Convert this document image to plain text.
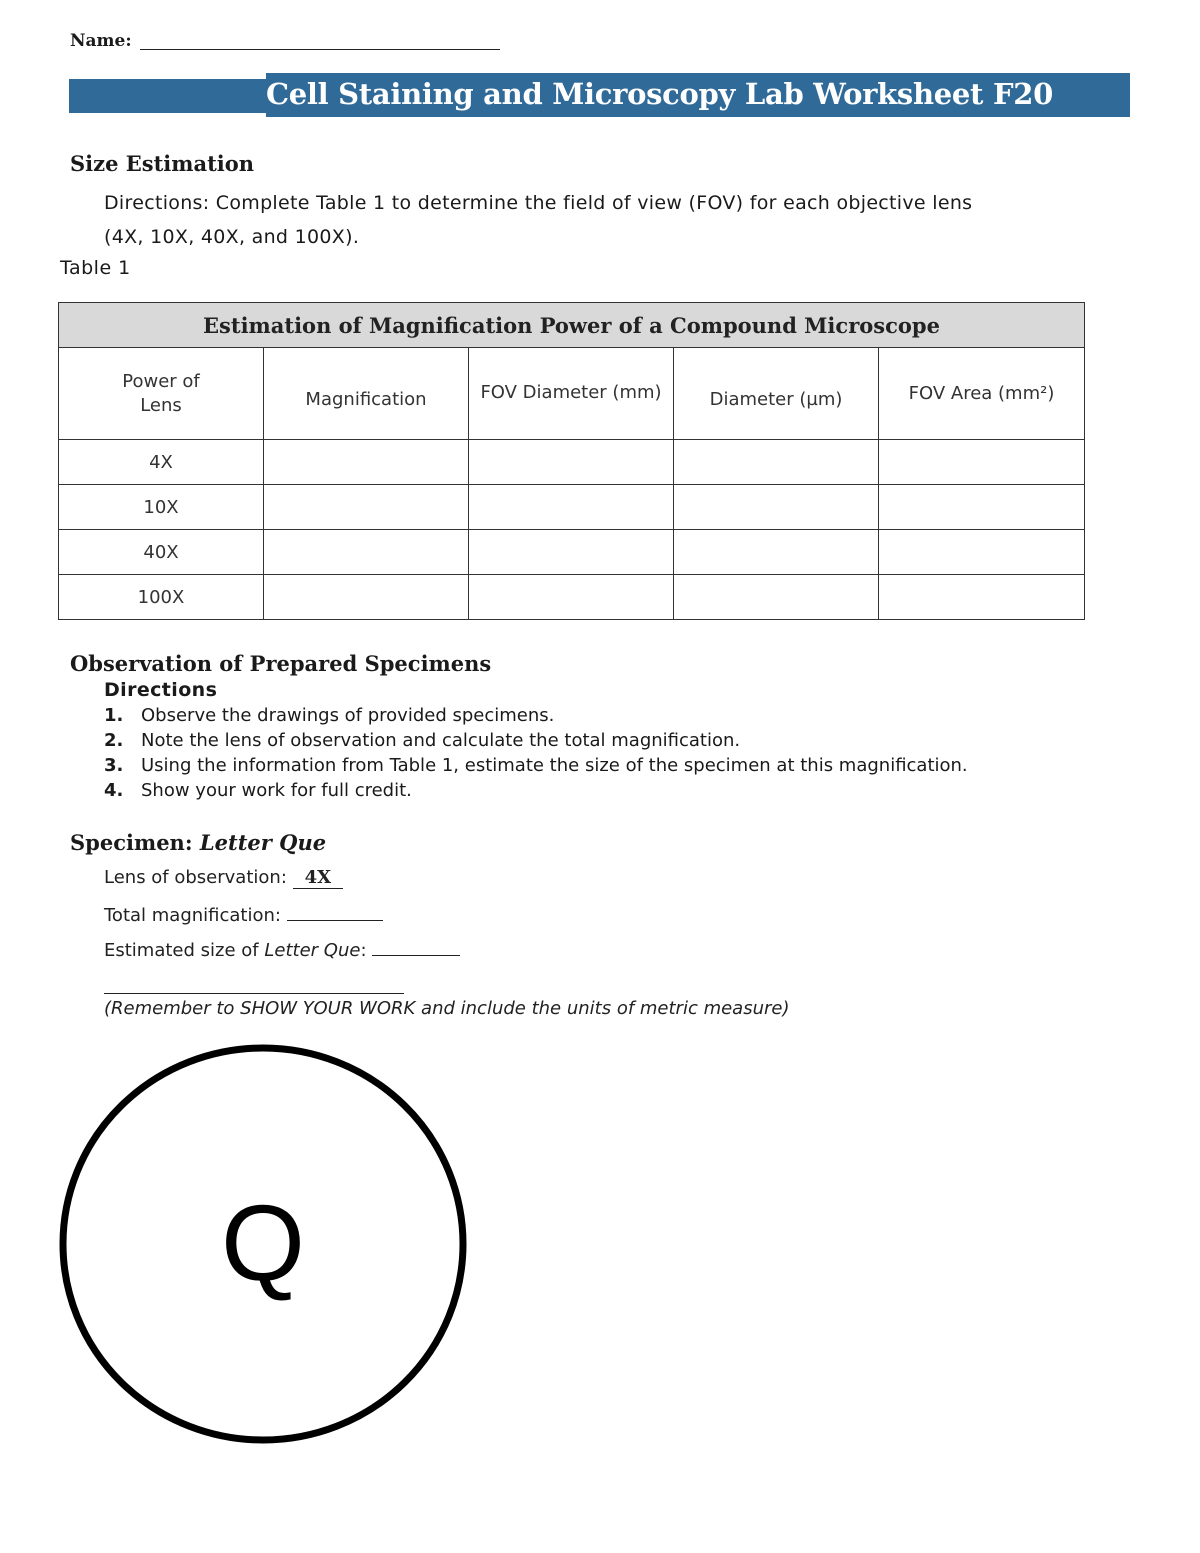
Name:
Cell Staining and Microscopy Lab Worksheet F20
Size Estimation
Directions: Complete Table 1 to determine the field of view (FOV) for each objective lens (4X, 10X, 40X, and 100X).
Table 1
Estimation of Magnification Power of a Compound Microscope				
Power of Lens	Magnification	FOV Diameter (mm)	Diameter (µm)	FOV Area (mm²)
4X				
10X				
40X				
100X				
Observation of Prepared Specimens
Directions
1. Observe the drawings of provided specimens.
2. Note the lens of observation and calculate the total magnification.
3. Using the information from Table 1, estimate the size of the specimen at this magnification.
4. Show your work for full credit.
Specimen: Letter Que
Lens of observation: 4X
Total magnification:
Estimated size of Letter Que:
(Remember to SHOW YOUR WORK and include the units of metric measure)
Q
